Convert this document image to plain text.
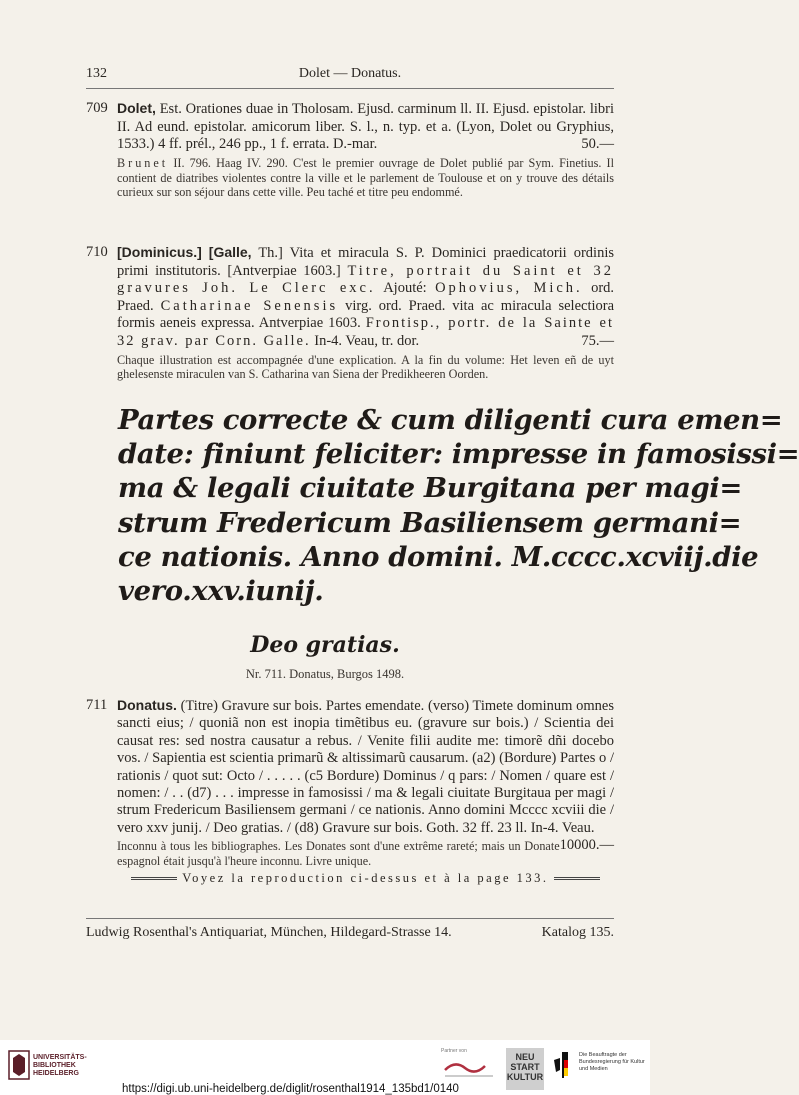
132	Dolet — Donatus.
709 Dolet, Est. Orationes duae in Tholosam. Ejusd. carminum ll. II. Ejusd. epistolar. libri II. Ad eund. epistolar. amicorum liber. S. l., n. typ. et a. (Lyon, Dolet ou Gryphius, 1533.) 4 ff. prél., 246 pp., 1 f. errata. D.-mar.	50.—
Brunet II. 796. Haag IV. 290. C'est le premier ouvrage de Dolet publié par Sym. Finetius. Il contient de diatribes violentes contre la ville et le parlement de Toulouse et on y trouve des détails curieux sur son séjour dans cette ville. Peu taché et titre peu endommé.
710 [Dominicus.] [Galle, Th.] Vita et miracula S. P. Dominici praedicatorii ordinis primi institutoris. [Antverpiae 1603.] Titre, portrait du Saint et 32 gravures Joh. Le Clerc exc. Ajouté: Ophovius, Mich. ord. Praed. Catharinae Senensis virg. ord. Praed. vita ac miracula selectiora formis aeneis expressa. Antverpiae 1603. Frontisp., portr. de la Sainte et 32 grav. par Corn. Galle. In-4. Veau, tr. dor.	75.—
Chaque illustration est accompagnée d'une explication. A la fin du volume: Het leven eñ de uyt ghelesenste miraculen van S. Catharina van Siena der Predikheeren Oorden.
Partes correcte & cum diligenti cura emen=
date: finiunt feliciter: impresse in famosissi=
ma & legali ciuitate Burgitana per magi=
strum Fredericum Basiliensem germani=
ce nationis. Anno domini. M.cccc.xcviij.die
vero.xxv.iunij.
Deo gratias.
Nr. 711. Donatus, Burgos 1498.
711 Donatus. (Titre) Gravure sur bois. Partes emendate. (verso) Timete dominum omnes sancti eius; / quoniã non est inopia timẽtibus eu. (gravure sur bois.) / Scientia dei causat res: sed nostra causatur a rebus. / Venite filii audite me: timorẽ dñi docebo vos. / Sapientia est scientia primarũ & altissimarũ causarum. (a2) (Bordure) Partes o / rationis / quot sut: Octo / . . . . . (c5 Bordure) Dominus / q pars: / Nomen / quare est / nomen: / . . (d7) . . . impresse in famosissi / ma & legali ciuitate Burgitaua per magi / strum Fredericum Basiliensem germani / ce nationis. Anno domini Mcccc xcviii die / vero xxv junij. / Deo gratias. / (d8) Gravure sur bois. Goth. 32 ff. 23 ll. In-4. Veau.
10000.—
Inconnu à tous les bibliographes. Les Donates sont d'une extrême rareté; mais un Donate espagnol était jusqu'à l'heure inconnu. Livre unique.
Voyez la reproduction ci-dessus et à la page 133.
Ludwig Rosenthal's Antiquariat, München, Hildegard-Strasse 14.	Katalog 135.
UNIVERSITÄTS-
BIBLIOTHEK
HEIDELBERG
Partner von
NEU
START
KULTUR
Die Beauftragte der Bundesregierung für Kultur und Medien
https://digi.ub.uni-heidelberg.de/diglit/rosenthal1914_135bd1/0140
